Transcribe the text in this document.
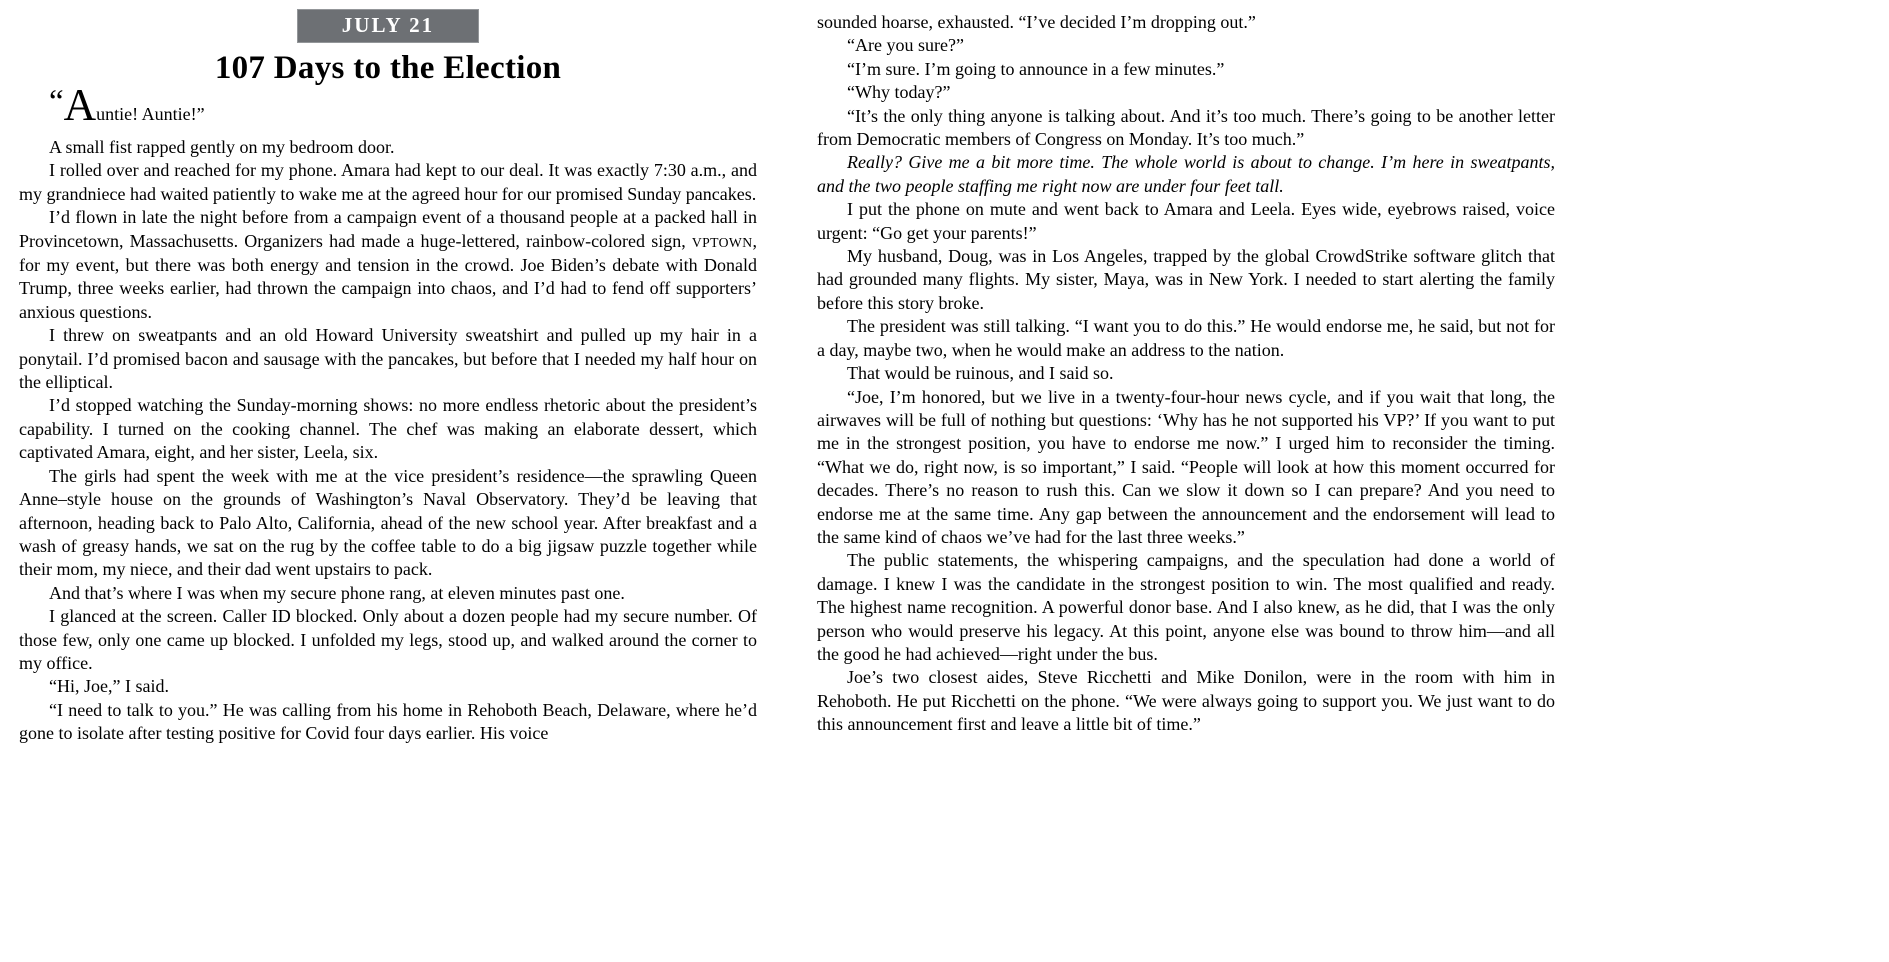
JULY 21
107 Days to the Election

“Auntie! Auntie!”

A small fist rapped gently on my bedroom door.

I rolled over and reached for my phone. Amara had kept to our deal. It was exactly 7:30 a.m., and my grandniece had waited patiently to wake me at the agreed hour for our promised Sunday pancakes.

I’d flown in late the night before from a campaign event of a thousand people at a packed hall in Provincetown, Massachusetts. Organizers had made a huge-lettered, rainbow-colored sign, VPTOWN, for my event, but there was both energy and tension in the crowd. Joe Biden’s debate with Donald Trump, three weeks earlier, had thrown the campaign into chaos, and I’d had to fend off supporters’ anxious questions.

I threw on sweatpants and an old Howard University sweatshirt and pulled up my hair in a ponytail. I’d promised bacon and sausage with the pancakes, but before that I needed my half hour on the elliptical.

I’d stopped watching the Sunday-morning shows: no more endless rhetoric about the president’s capability. I turned on the cooking channel. The chef was making an elaborate dessert, which captivated Amara, eight, and her sister, Leela, six.

The girls had spent the week with me at the vice president’s residence—the sprawling Queen Anne–style house on the grounds of Washington’s Naval Observatory. They’d be leaving that afternoon, heading back to Palo Alto, California, ahead of the new school year. After breakfast and a wash of greasy hands, we sat on the rug by the coffee table to do a big jigsaw puzzle together while their mom, my niece, and their dad went upstairs to pack.

And that’s where I was when my secure phone rang, at eleven minutes past one.

I glanced at the screen. Caller ID blocked. Only about a dozen people had my secure number. Of those few, only one came up blocked. I unfolded my legs, stood up, and walked around the corner to my office.

“Hi, Joe,” I said.

“I need to talk to you.” He was calling from his home in Rehoboth Beach, Delaware, where he’d gone to isolate after testing positive for Covid four days earlier. His voice

sounded hoarse, exhausted. “I’ve decided I’m dropping out.”

“Are you sure?”

“I’m sure. I’m going to announce in a few minutes.”

“Why today?”

“It’s the only thing anyone is talking about. And it’s too much. There’s going to be another letter from Democratic members of Congress on Monday. It’s too much.”

Really? Give me a bit more time. The whole world is about to change. I’m here in sweatpants, and the two people staffing me right now are under four feet tall.

I put the phone on mute and went back to Amara and Leela. Eyes wide, eyebrows raised, voice urgent: “Go get your parents!”

My husband, Doug, was in Los Angeles, trapped by the global CrowdStrike software glitch that had grounded many flights. My sister, Maya, was in New York. I needed to start alerting the family before this story broke.

The president was still talking. “I want you to do this.” He would endorse me, he said, but not for a day, maybe two, when he would make an address to the nation.

That would be ruinous, and I said so.

“Joe, I’m honored, but we live in a twenty-four-hour news cycle, and if you wait that long, the airwaves will be full of nothing but questions: ‘Why has he not supported his VP?’ If you want to put me in the strongest position, you have to endorse me now.” I urged him to reconsider the timing. “What we do, right now, is so important,” I said. “People will look at how this moment occurred for decades. There’s no reason to rush this. Can we slow it down so I can prepare? And you need to endorse me at the same time. Any gap between the announcement and the endorsement will lead to the same kind of chaos we’ve had for the last three weeks.”

The public statements, the whispering campaigns, and the speculation had done a world of damage. I knew I was the candidate in the strongest position to win. The most qualified and ready. The highest name recognition. A powerful donor base. And I also knew, as he did, that I was the only person who would preserve his legacy. At this point, anyone else was bound to throw him—and all the good he had achieved—right under the bus.

Joe’s two closest aides, Steve Ricchetti and Mike Donilon, were in the room with him in Rehoboth. He put Ricchetti on the phone. “We were always going to support you. We just want to do this announcement first and leave a little bit of time.”
